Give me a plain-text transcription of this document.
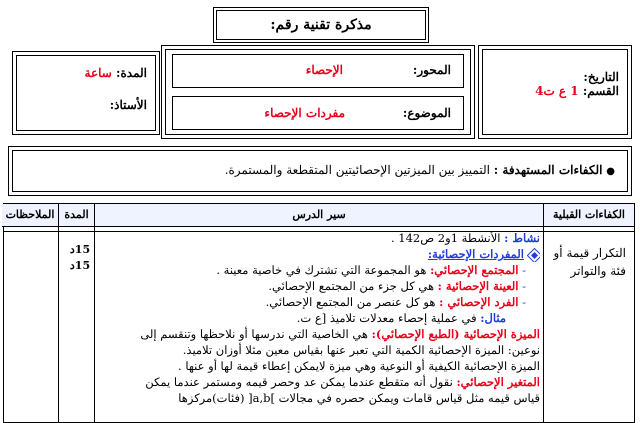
مذكرة تقنية رقم:
التاريخ:
القسم: 1 ع ت4
المحور:
الإحصاء
الموضوع:
مفردات الإحصاء
المدة: ساعة
الأستاذ:
● الكفاءات المستهدفة : التمييز بين الميزتين الإحصائيتين المتقطعة والمستمرة.
الكفاءات القبلية
سير الدرس
المدة
الملاحظات
التكرار قيمة أو
فئة والتواتر
15د
15د
نشاط : الأنشطة 1و2 ص142 .
المفردات الإحصائية:
- المجتمع الإحصائي: هو المجموعة التي تشترك في خاصية معينة .
- العينة الإحصائية : هي كل جزء من المجتمع الإحصائي.
- الفرد الإحصائي : هو كل عنصر من المجتمع الإحصائي.
مثال: في عملية إحصاء معدلات تلاميذ [ع ت.
الميزة الإحصائية (الطبع الإحصائي): هي الخاصية التي ندرسها أو نلاحظها وتنقسم إلى
نوعين: الميزة الإحصائية الكمية التي تعبر عنها بقياس معين مثلا أوزان تلاميذ.
الميزة الإحصائية الكيفية أو النوعية وهي ميزة لايمكن إعطاء قيمة لها أو عنها .
المتغير الإحصائي: نقول أنه متقطع عندما يمكن عد وحصر قيمه ومستمر عندما يمكن
قياس قيمه مثل قياس قامات ويمكن حصره في مجالات ]a,b[ (فئات)مركزها
